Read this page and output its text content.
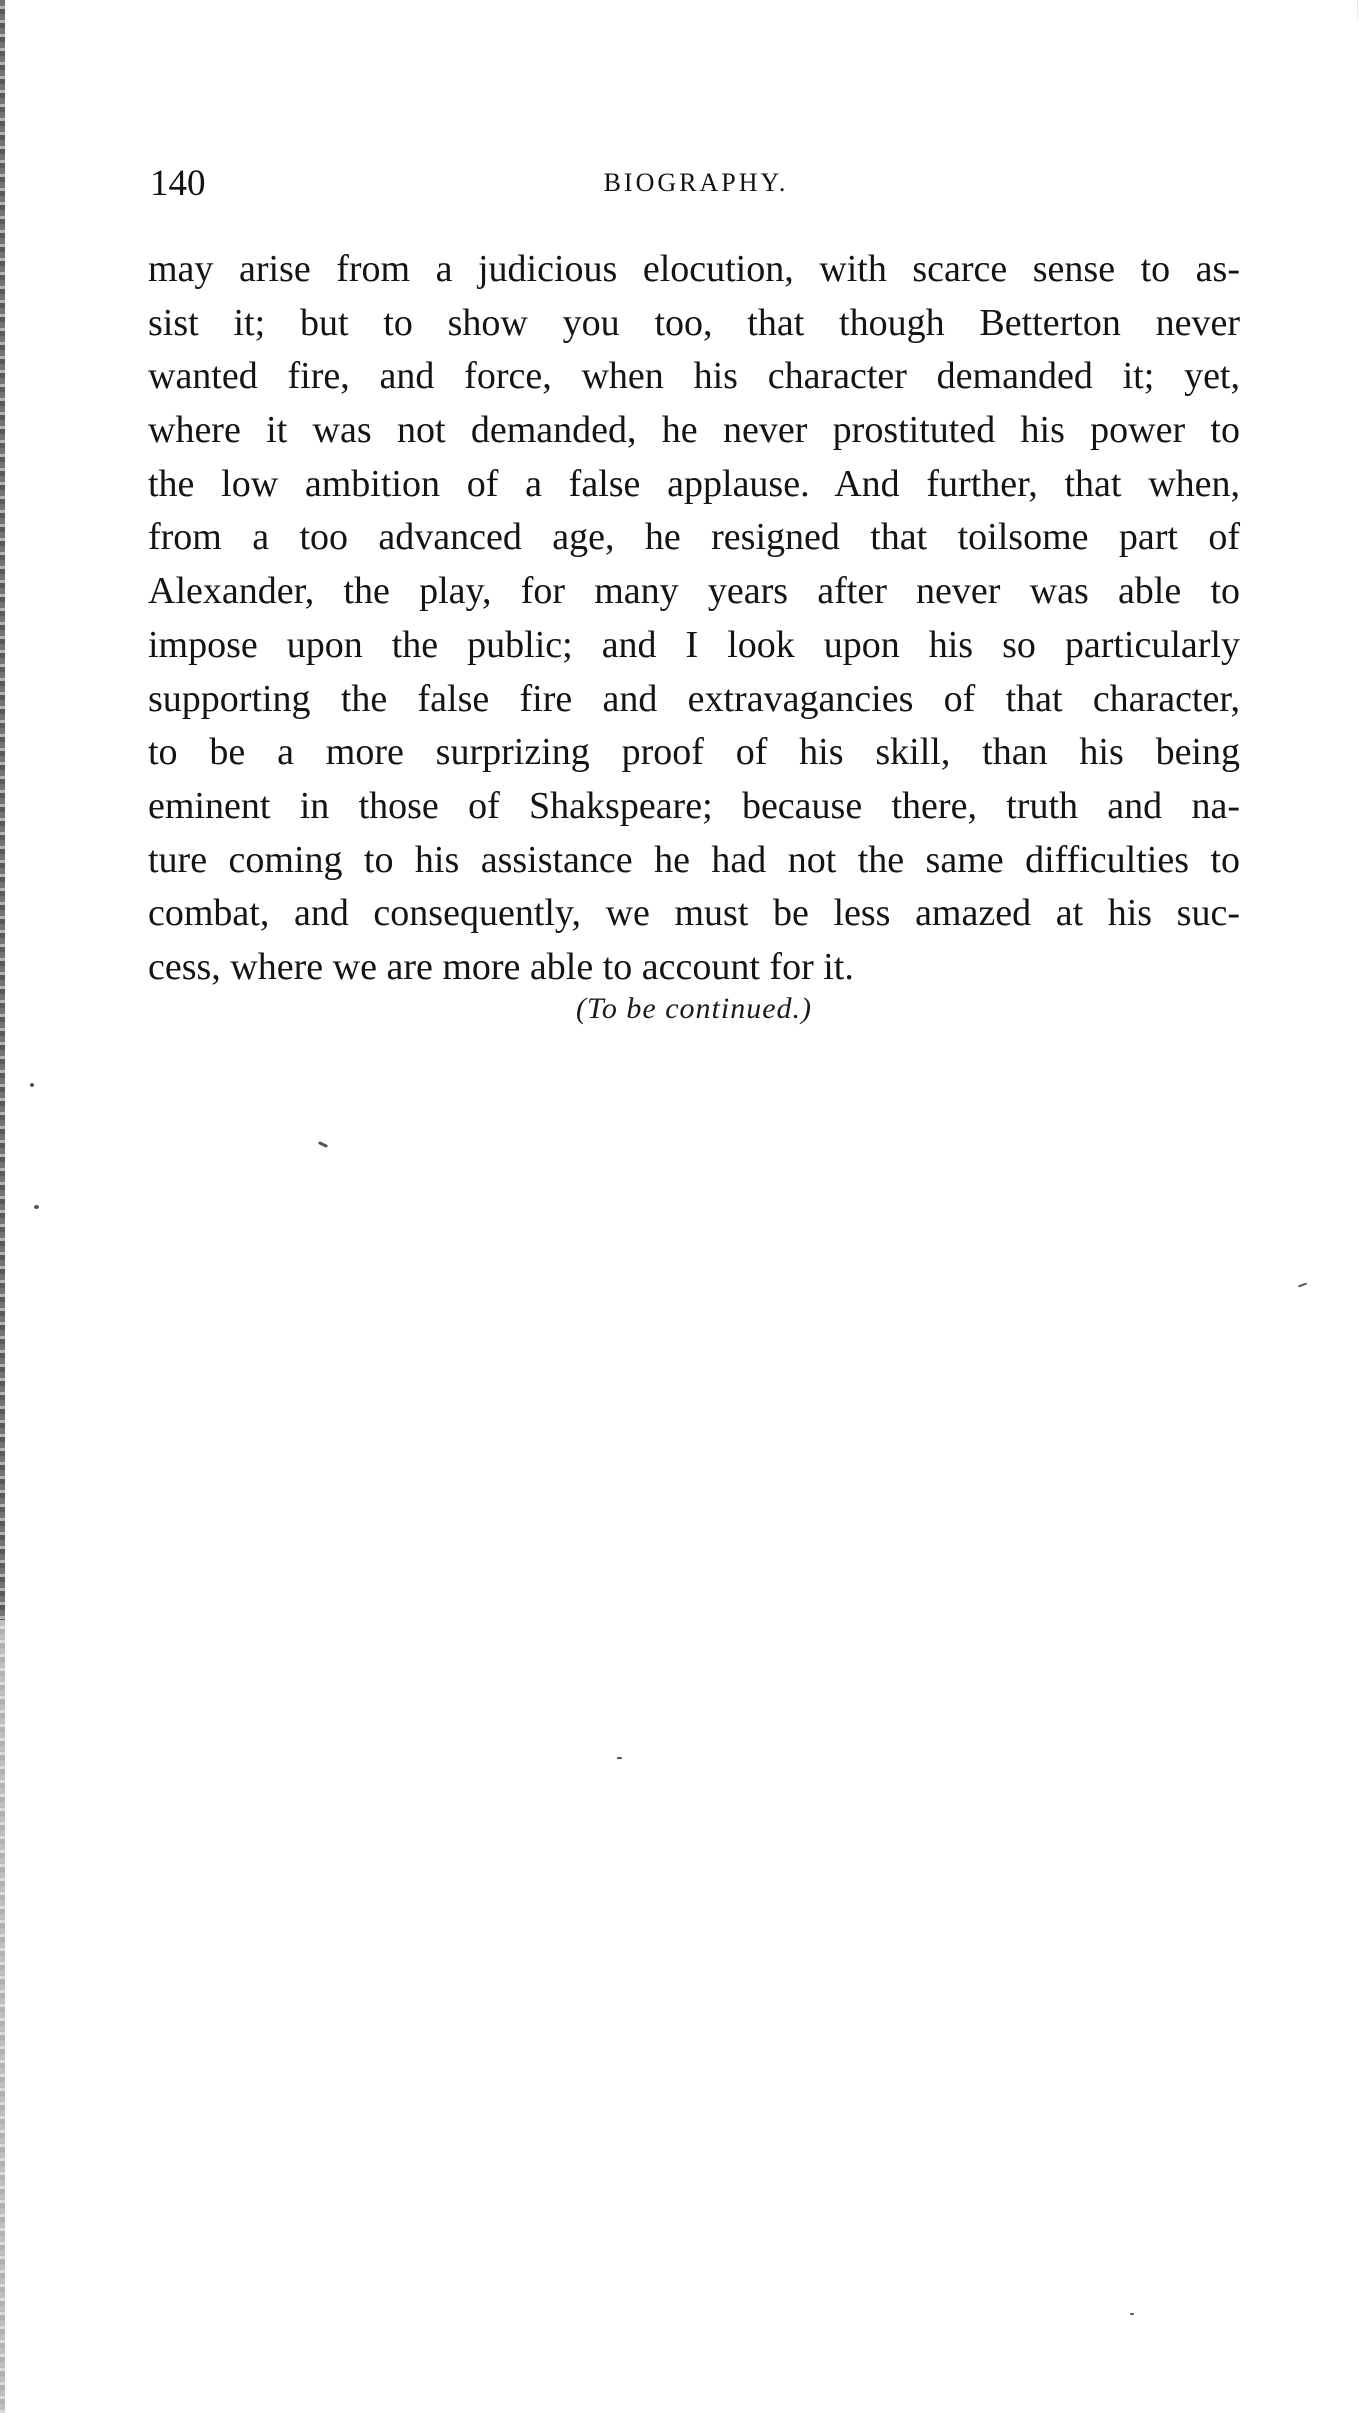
140	BIOGRAPHY.
may arise from a judicious elocution, with scarce sense to as-
sist it; but to show you too, that though Betterton never
wanted fire, and force, when his character demanded it; yet,
where it was not demanded, he never prostituted his power to
the low ambition of a false applause. And further, that when,
from a too advanced age, he resigned that toilsome part of
Alexander, the play, for many years after never was able to
impose upon the public; and I look upon his so particularly
supporting the false fire and extravagancies of that character,
to be a more surprizing proof of his skill, than his being
eminent in those of Shakspeare; because there, truth and na-
ture coming to his assistance he had not the same difficulties to
combat, and consequently, we must be less amazed at his suc-
cess, where we are more able to account for it.
(To be continued.)
